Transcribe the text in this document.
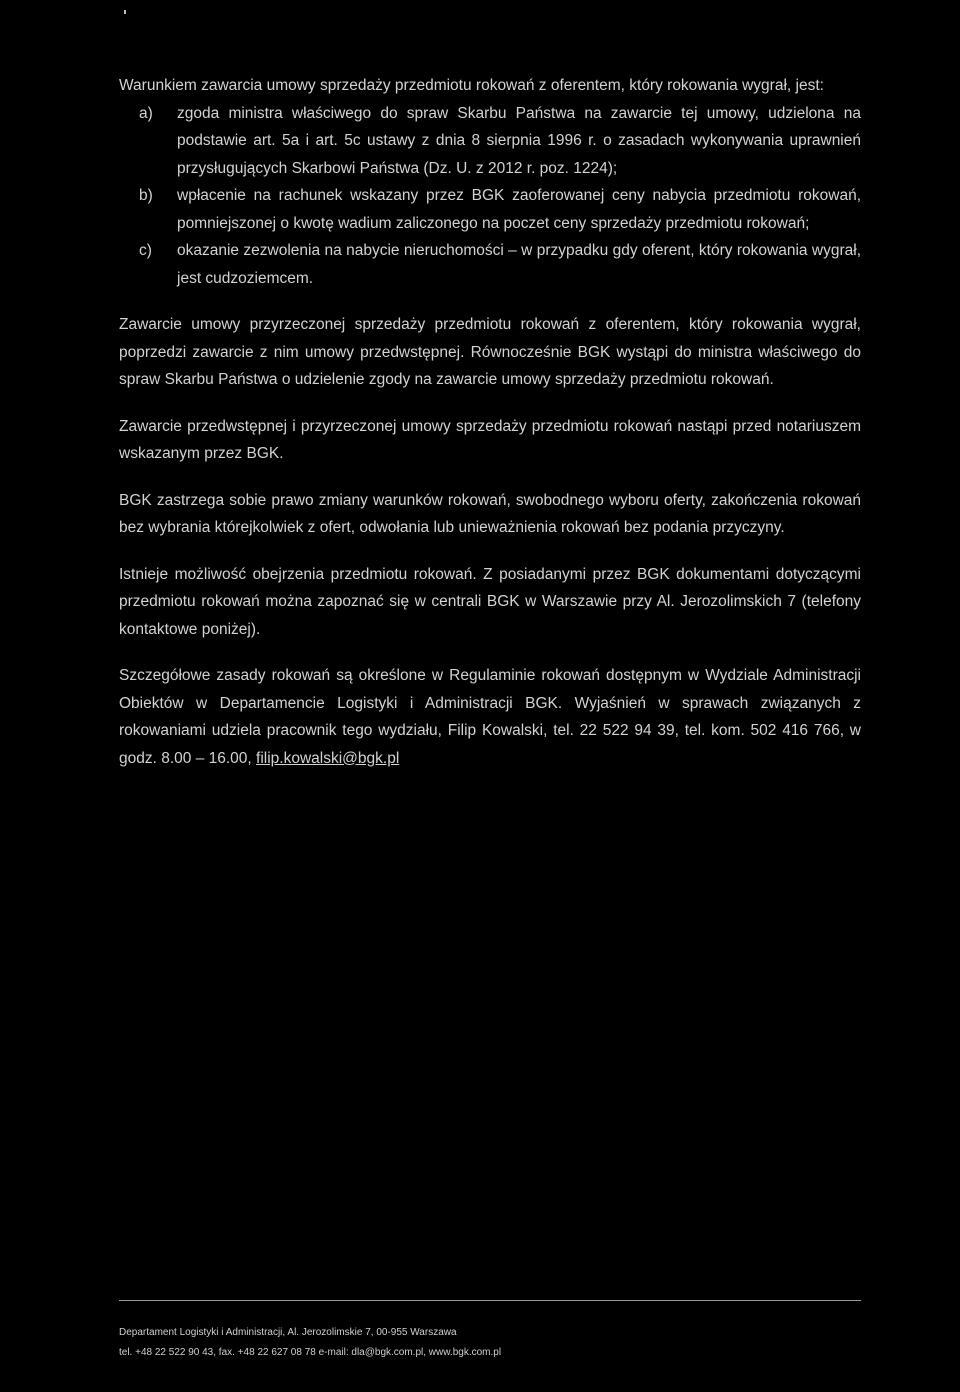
Warunkiem zawarcia umowy sprzedaży przedmiotu rokowań z oferentem, który rokowania wygrał, jest:

a)	zgoda ministra właściwego do spraw Skarbu Państwa na zawarcie tej umowy, udzielona na podstawie art. 5a i art. 5c ustawy z dnia 8 sierpnia 1996 r. o zasadach wykonywania uprawnień przysługujących Skarbowi Państwa (Dz. U. z 2012 r. poz. 1224);
b)	wpłacenie na rachunek wskazany przez BGK zaoferowanej ceny nabycia przedmiotu rokowań, pomniejszonej o kwotę wadium zaliczonego na poczet ceny sprzedaży przedmiotu rokowań;
c)	okazanie zezwolenia na nabycie nieruchomości – w przypadku gdy oferent, który rokowania wygrał, jest cudzoziemcem.

Zawarcie umowy przyrzeczonej sprzedaży przedmiotu rokowań z oferentem, który rokowania wygrał, poprzedzi zawarcie z nim umowy przedwstępnej. Równocześnie BGK wystąpi do ministra właściwego do spraw Skarbu Państwa o udzielenie zgody na zawarcie umowy sprzedaży przedmiotu rokowań.

Zawarcie przedwstępnej i przyrzeczonej umowy sprzedaży przedmiotu rokowań nastąpi przed notariuszem wskazanym przez BGK.

BGK zastrzega sobie prawo zmiany warunków rokowań, swobodnego wyboru oferty, zakończenia rokowań bez wybrania którejkolwiek z ofert, odwołania lub unieważnienia rokowań bez podania przyczyny.

Istnieje możliwość obejrzenia przedmiotu rokowań. Z posiadanymi przez BGK dokumentami dotyczącymi przedmiotu rokowań można zapoznać się w centrali BGK w Warszawie przy Al. Jerozolimskich 7 (telefony kontaktowe poniżej).

Szczegółowe zasady rokowań są określone w Regulaminie rokowań dostępnym w Wydziale Administracji Obiektów w Departamencie Logistyki i Administracji BGK. Wyjaśnień w sprawach związanych z rokowaniami udziela pracownik tego wydziału, Filip Kowalski, tel. 22 522 94 39, tel. kom. 502 416 766, w godz. 8.00 – 16.00, filip.kowalski@bgk.pl

Departament Logistyki i Administracji, Al. Jerozolimskie 7, 00-955 Warszawa
tel. +48 22 522 90 43, fax. +48 22 627 08 78 e-mail: dla@bgk.com.pl, www.bgk.com.pl
